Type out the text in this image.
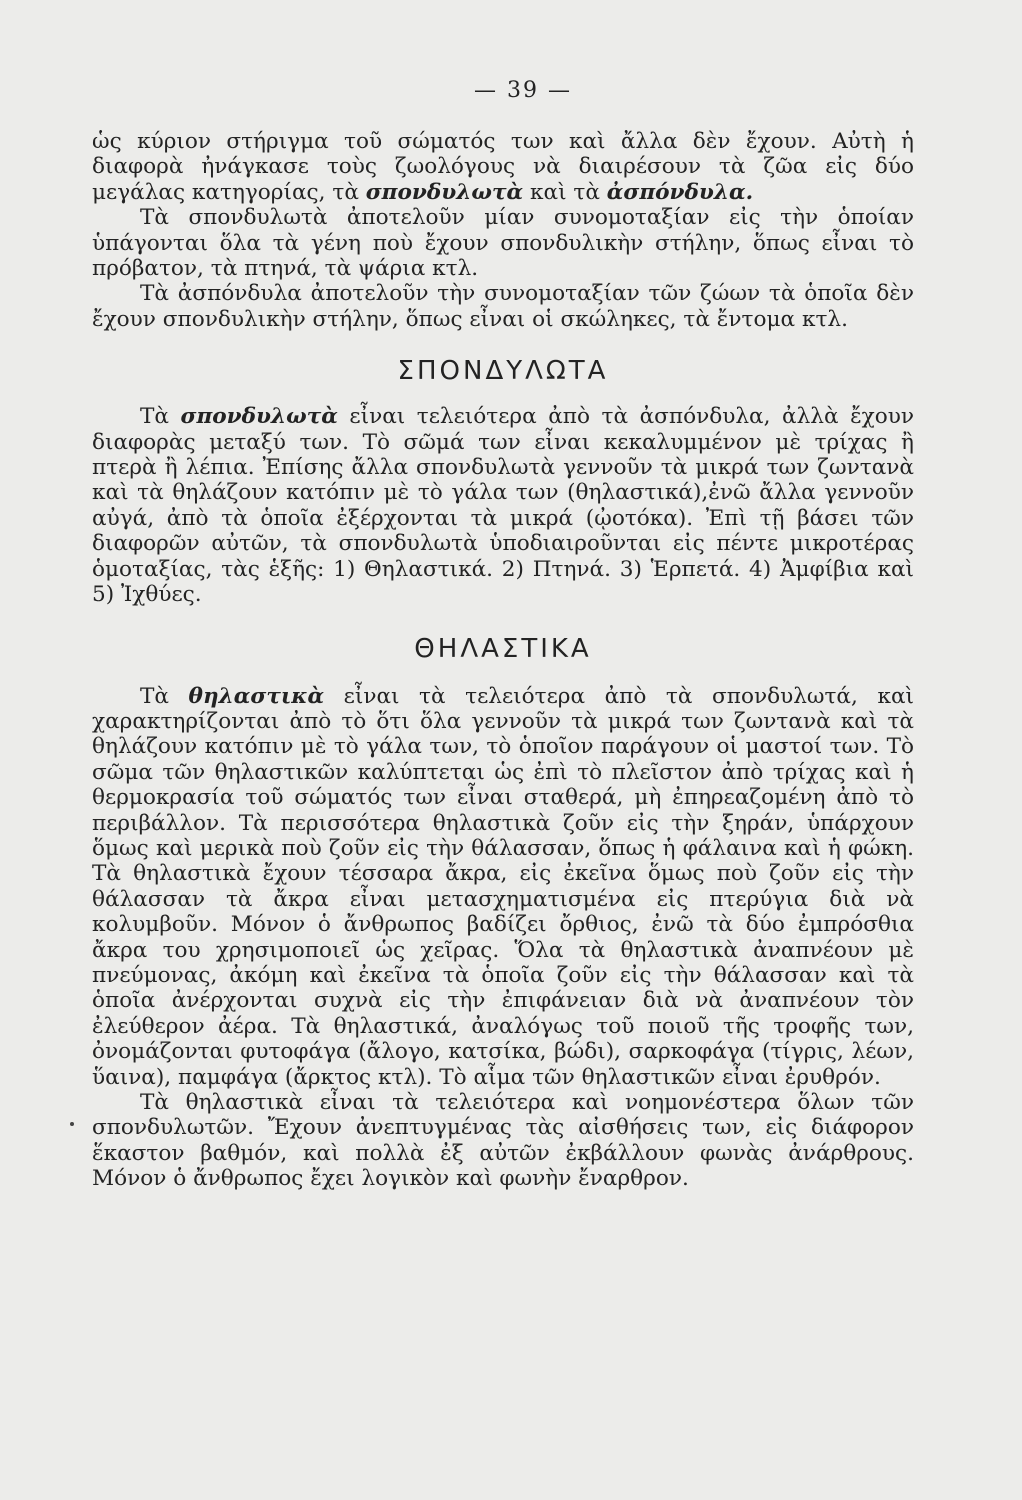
— 39 —

ὡς κύριον στήριγμα τοῦ σώματός των καὶ ἄλλα δὲν ἔχουν. Αὐτὴ ἡ διαφορὰ ἠνάγκασε τοὺς ζωολόγους νὰ διαιρέσουν τὰ ζῶα εἰς δύο μεγάλας κατηγορίας, τὰ σπονδυλωτὰ καὶ τὰ ἀσπόνδυλα.

Τὰ σπονδυλωτὰ ἀποτελοῦν μίαν συνομοταξίαν εἰς τὴν ὁποίαν ὑπάγονται ὅλα τὰ γένη ποὺ ἔχουν σπονδυλικὴν στήλην, ὅπως εἶναι τὸ πρόβατον, τὰ πτηνά, τὰ ψάρια κτλ.

Τὰ ἀσπόνδυλα ἀποτελοῦν τὴν συνομοταξίαν τῶν ζώων τὰ ὁποῖα δὲν ἔχουν σπονδυλικὴν στήλην, ὅπως εἶναι οἱ σκώληκες, τὰ ἔντομα κτλ.

ΣΠΟΝΔΥΛΩΤΑ

Τὰ σπονδυλωτὰ εἶναι τελειότερα ἀπὸ τὰ ἀσπόνδυλα, ἀλλὰ ἔχουν διαφορὰς μεταξύ των. Τὸ σῶμά των εἶναι κεκαλυμμένον μὲ τρίχας ἢ πτερὰ ἢ λέπια. Ἐπίσης ἄλλα σπονδυλωτὰ γεννοῦν τὰ μικρά των ζωντανὰ καὶ τὰ θηλάζουν κατόπιν μὲ τὸ γάλα των (θηλαστικά),ἐνῶ ἄλλα γεννοῦν αὐγά, ἀπὸ τὰ ὁποῖα ἐξέρχονται τὰ μικρά (ᾠοτόκα). Ἐπὶ τῇ βάσει τῶν διαφορῶν αὐτῶν, τὰ σπονδυλωτὰ ὑποδιαιροῦνται εἰς πέντε μικροτέρας ὁμοταξίας, τὰς ἑξῆς: 1) Θηλαστικά. 2) Πτηνά. 3) Ἑρπετά. 4) Ἀμφίβια καὶ 5) Ἰχθύες.

ΘΗΛΑΣΤΙΚΑ

Τὰ θηλαστικὰ εἶναι τὰ τελειότερα ἀπὸ τὰ σπονδυλωτά, καὶ χαρακτηρίζονται ἀπὸ τὸ ὅτι ὅλα γεννοῦν τὰ μικρά των ζωντανὰ καὶ τὰ θηλάζουν κατόπιν μὲ τὸ γάλα των, τὸ ὁποῖον παράγουν οἱ μαστοί των. Τὸ σῶμα τῶν θηλαστικῶν καλύπτεται ὡς ἐπὶ τὸ πλεῖστον ἀπὸ τρίχας καὶ ἡ θερμοκρασία τοῦ σώματός των εἶναι σταθερά, μὴ ἐπηρεαζομένη ἀπὸ τὸ περιβάλλον. Τὰ περισσότερα θηλαστικὰ ζοῦν εἰς τὴν ξηράν, ὑπάρχουν ὅμως καὶ μερικὰ ποὺ ζοῦν εἰς τὴν θάλασσαν, ὅπως ἡ φάλαινα καὶ ἡ φώκη. Τὰ θηλαστικὰ ἔχουν τέσσαρα ἄκρα, εἰς ἐκεῖνα ὅμως ποὺ ζοῦν εἰς τὴν θάλασσαν τὰ ἄκρα εἶναι μετασχηματισμένα εἰς πτερύγια διὰ νὰ κολυμβοῦν. Μόνον ὁ ἄνθρωπος βαδίζει ὄρθιος, ἐνῶ τὰ δύο ἐμπρόσθια ἄκρα του χρησιμοποιεῖ ὡς χεῖρας. Ὅλα τὰ θηλαστικὰ ἀναπνέουν μὲ πνεύμονας, ἀκόμη καὶ ἐκεῖνα τὰ ὁποῖα ζοῦν εἰς τὴν θάλασσαν καὶ τὰ ὁποῖα ἀνέρχονται συχνὰ εἰς τὴν ἐπιφάνειαν διὰ νὰ ἀναπνέουν τὸν ἐλεύθερον ἀέρα. Τὰ θηλαστικά, ἀναλόγως τοῦ ποιοῦ τῆς τροφῆς των, ὀνομάζονται φυτοφάγα (ἄλογο, κατσίκα, βώδι), σαρκοφάγα (τίγρις, λέων, ὕαινα), παμφάγα (ἄρκτος κτλ). Τὸ αἷμα τῶν θηλαστικῶν εἶναι ἐρυθρόν.

Τὰ θηλαστικὰ εἶναι τὰ τελειότερα καὶ νοημονέστερα ὅλων τῶν σπονδυλωτῶν. Ἔχουν ἀνεπτυγμένας τὰς αἰσθήσεις των, εἰς διάφορον ἕκαστον βαθμόν, καὶ πολλὰ ἐξ αὐτῶν ἐκβάλλουν φωνὰς ἀνάρθρους. Μόνον ὁ ἄνθρωπος ἔχει λογικὸν καὶ φωνὴν ἔναρθρον.
